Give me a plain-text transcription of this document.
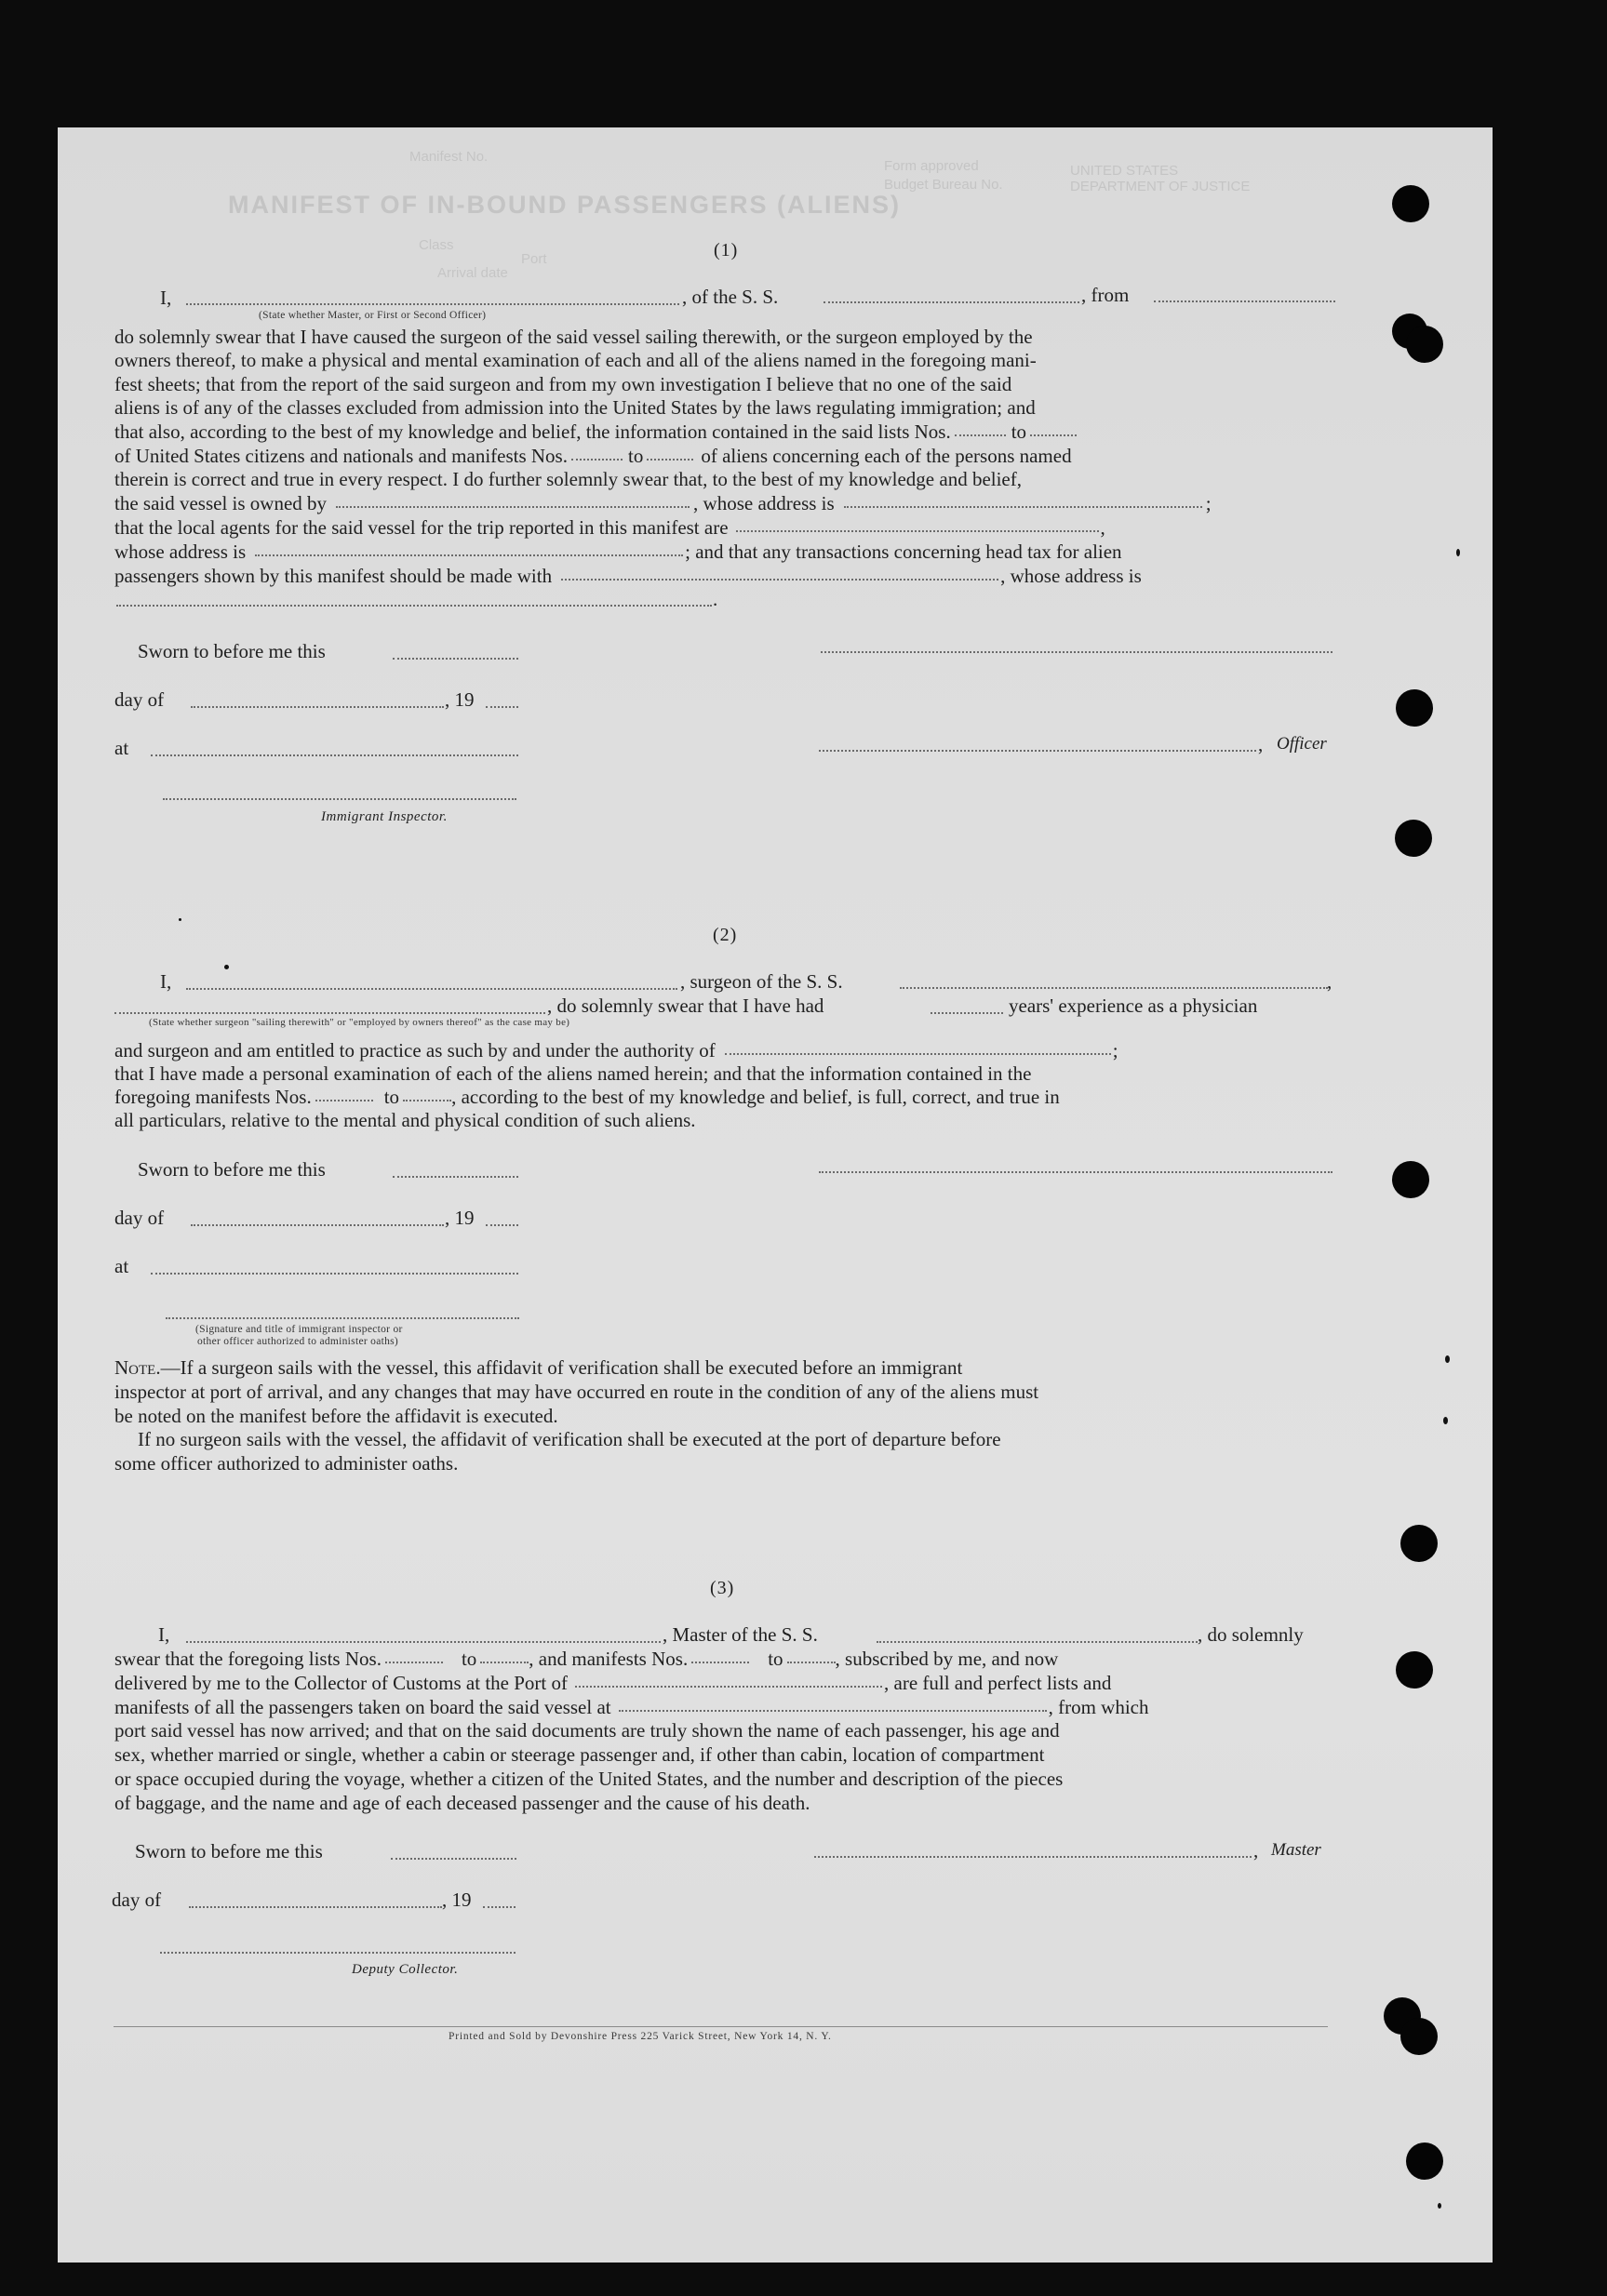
MANIFEST OF IN-BOUND PASSENGERS (ALIENS)
Manifest No.
Class
Port
Arrival date
Form approved
Budget Bureau No.
UNITED STATES
DEPARTMENT OF JUSTICE
(1)
I,	, of the S. S.	, from
(State whether Master, or First or Second Officer)
do solemnly swear that I have caused the surgeon of the said vessel sailing therewith, or the surgeon employed by the
owners thereof, to make a physical and mental examination of each and all of the aliens named in the foregoing mani-
fest sheets; that from the report of the said surgeon and from my own investigation I believe that no one of the said
aliens is of any of the classes excluded from admission into the United States by the laws regulating immigration; and
that also, according to the best of my knowledge and belief, the information contained in the said lists Nos.	to
of United States citizens and nationals and manifests Nos.	to	of aliens concerning each of the persons named
therein is correct and true in every respect. I do further solemnly swear that, to the best of my knowledge and belief,
the said vessel is owned by	, whose address is	;
that the local agents for the said vessel for the trip reported in this manifest are	,
whose address is	; and that any transactions concerning head tax for alien
passengers shown by this manifest should be made with	, whose address is
.
Sworn to before me this
day of	, 19
at	, Officer
Immigrant Inspector.
(2)
I,	, surgeon of the S. S.	,
, do solemnly swear that I have had	years' experience as a physician
(State whether surgeon "sailing therewith" or "employed by owners thereof" as the case may be)
and surgeon and am entitled to practice as such by and under the authority of	;
that I have made a personal examination of each of the aliens named herein; and that the information contained in the
foregoing manifests Nos.	to	, according to the best of my knowledge and belief, is full, correct, and true in
all particulars, relative to the mental and physical condition of such aliens.
Sworn to before me this
day of	, 19
at
(Signature and title of immigrant inspector or
other officer authorized to administer oaths)
Note.—If a surgeon sails with the vessel, this affidavit of verification shall be executed before an immigrant
inspector at port of arrival, and any changes that may have occurred en route in the condition of any of the aliens must
be noted on the manifest before the affidavit is executed.
If no surgeon sails with the vessel, the affidavit of verification shall be executed at the port of departure before
some officer authorized to administer oaths.
(3)
I,	, Master of the S. S.	, do solemnly
swear that the foregoing lists Nos.	to	, and manifests Nos.	to	, subscribed by me, and now
delivered by me to the Collector of Customs at the Port of	, are full and perfect lists and
manifests of all the passengers taken on board the said vessel at	, from which
port said vessel has now arrived; and that on the said documents are truly shown the name of each passenger, his age and
sex, whether married or single, whether a cabin or steerage passenger and, if other than cabin, location of compartment
or space occupied during the voyage, whether a citizen of the United States, and the number and description of the pieces
of baggage, and the name and age of each deceased passenger and the cause of his death.
Sworn to before me this	, Master
day of	, 19
Deputy Collector.
Printed and Sold by Devonshire Press 225 Varick Street, New York 14, N. Y.
